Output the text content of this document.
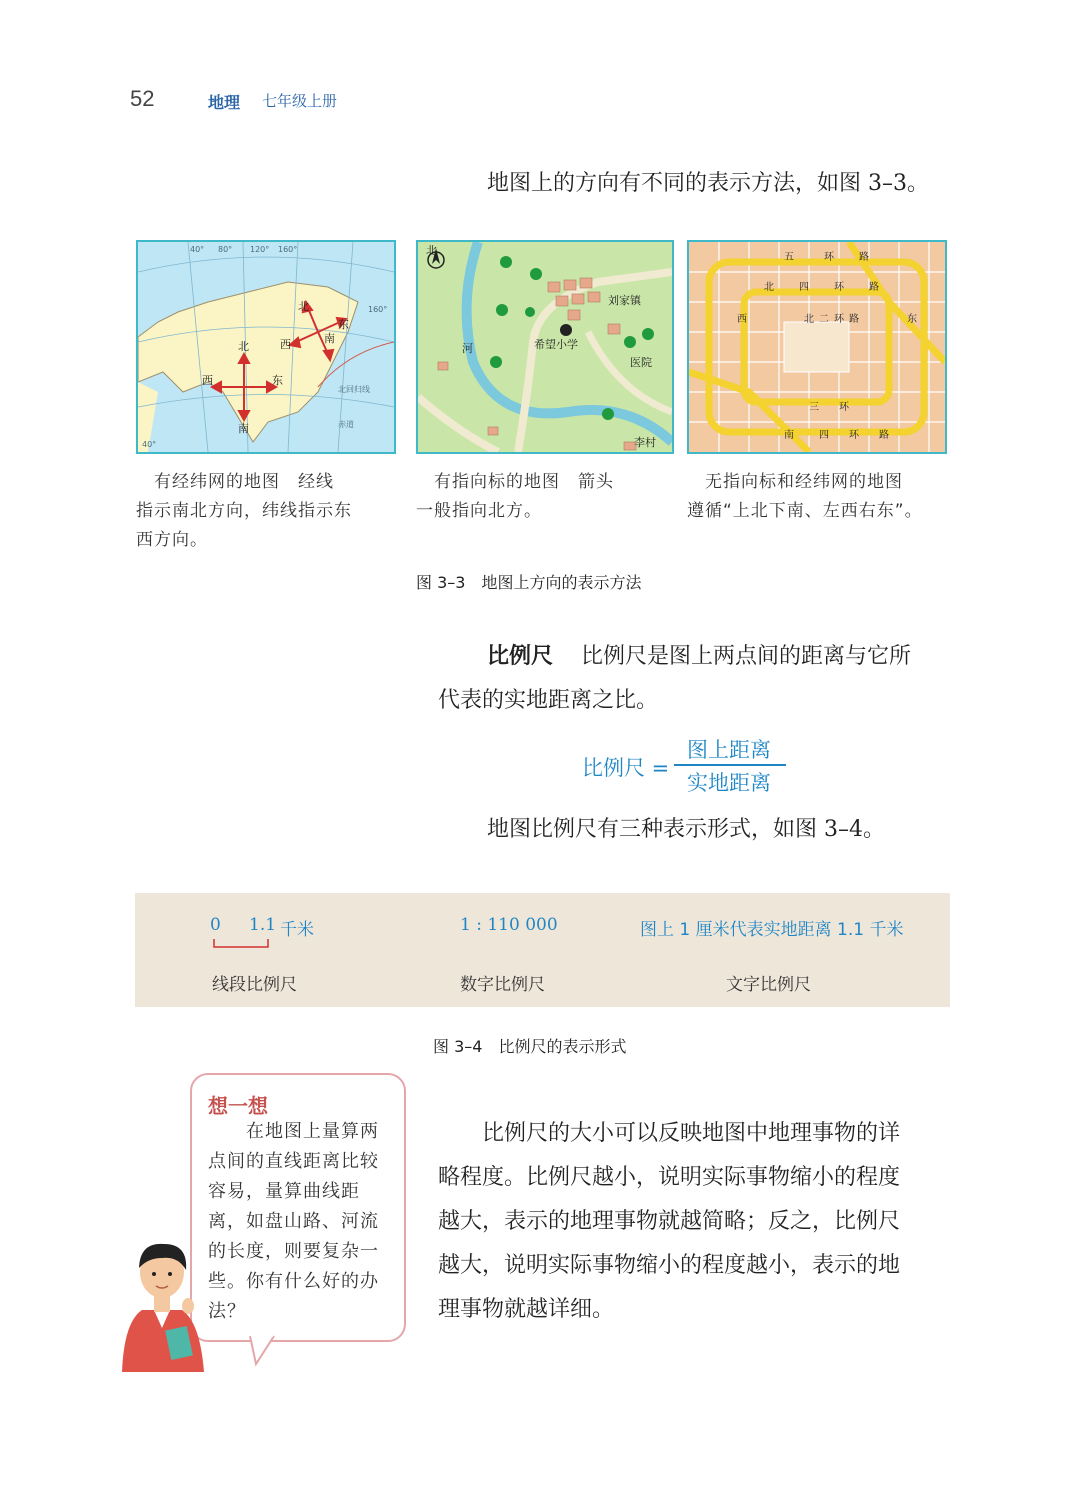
52	地理 七年级上册
地图上的方向有不同的表示方法，如图 3–3。
北
南
东
西
北
南
东
西
40° 80° 120° 160°
160°
北回归线
赤道
40°
北
刘家镇
希望小学
医院
李村
河
北	四	环	路
南	四 环 路
北 二 环 路	东
西
五	环	路
三 环
　有经纬网的地图　经线
指示南北方向，纬线指示东
西方向。
　有指向标的地图　箭头
一般指向北方。
　无指向标和经纬网的地图
遵循“上北下南、左西右东”。
图 3–3　地图上方向的表示方法
比例尺 比例尺是图上两点间的距离与它所
代表的实地距离之比。
比例尺 =
图上距离
实地距离
地图比例尺有三种表示形式，如图 3–4。
0 1.1 千米	1 : 110 000	图上 1 厘米代表实地距离 1.1 千米
线段比例尺	数字比例尺	文字比例尺
图 3–4　比例尺的表示形式
想一想
　　在地图上量算两点间的直线距离比较容易，量算曲线距离，如盘山路、河流的长度，则要复杂一些。你有什么好的办法？
　　比例尺的大小可以反映地图中地理事物的详
略程度。比例尺越小，说明实际事物缩小的程度
越大，表示的地理事物就越简略；反之，比例尺
越大，说明实际事物缩小的程度越小，表示的地
理事物就越详细。
